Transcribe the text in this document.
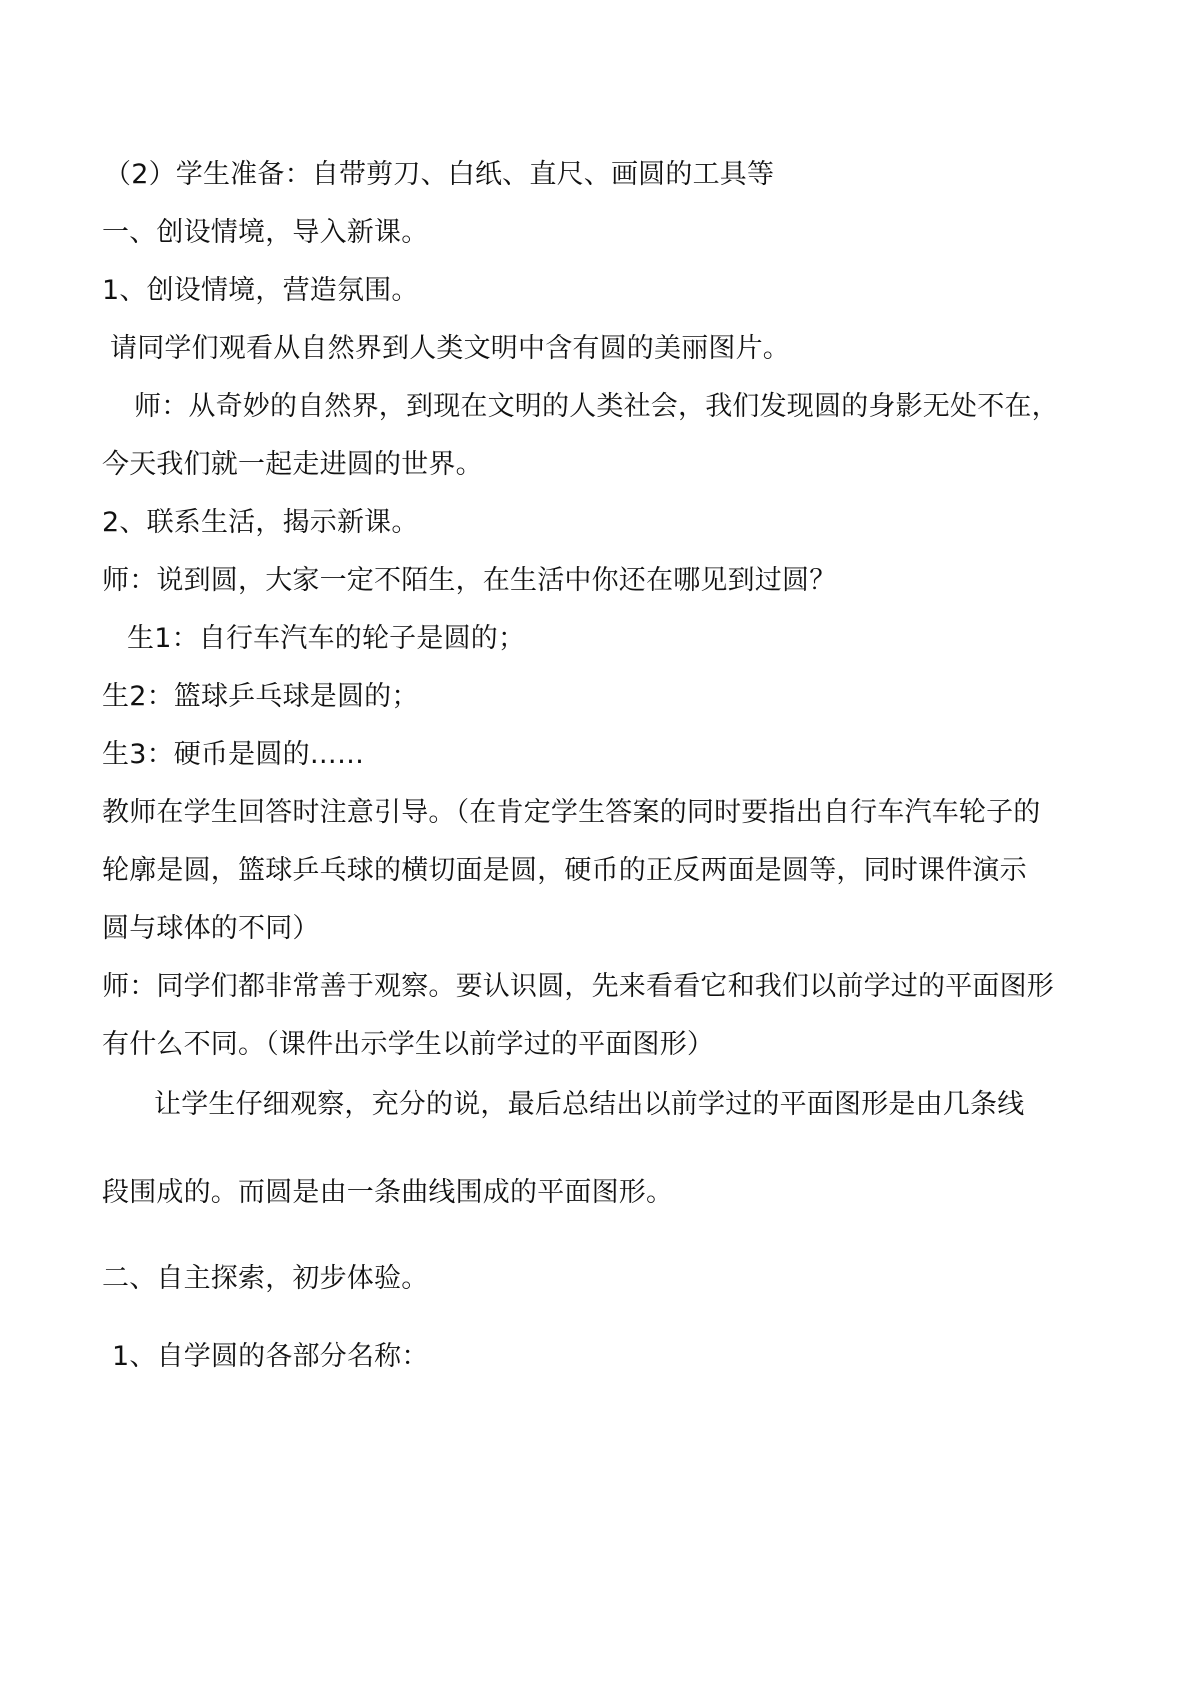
（2）学生准备：自带剪刀、白纸、直尺、画圆的工具等
一、创设情境，导入新课。
1、创设情境，营造氛围。
请同学们观看从自然界到人类文明中含有圆的美丽图片。
师：从奇妙的自然界，到现在文明的人类社会，我们发现圆的身影无处不在，
今天我们就一起走进圆的世界。
2、联系生活，揭示新课。
师：说到圆，大家一定不陌生，在生活中你还在哪见到过圆？
生1：自行车汽车的轮子是圆的；
生2：篮球乒乓球是圆的；
生3：硬币是圆的……
教师在学生回答时注意引导。（在肯定学生答案的同时要指出自行车汽车轮子的
轮廓是圆，篮球乒乓球的横切面是圆，硬币的正反两面是圆等，同时课件演示
圆与球体的不同）
师：同学们都非常善于观察。要认识圆，先来看看它和我们以前学过的平面图形
有什么不同。（课件出示学生以前学过的平面图形）
让学生仔细观察，充分的说，最后总结出以前学过的平面图形是由几条线
段围成的。而圆是由一条曲线围成的平面图形。
二、自主探索，初步体验。
1、自学圆的各部分名称：
